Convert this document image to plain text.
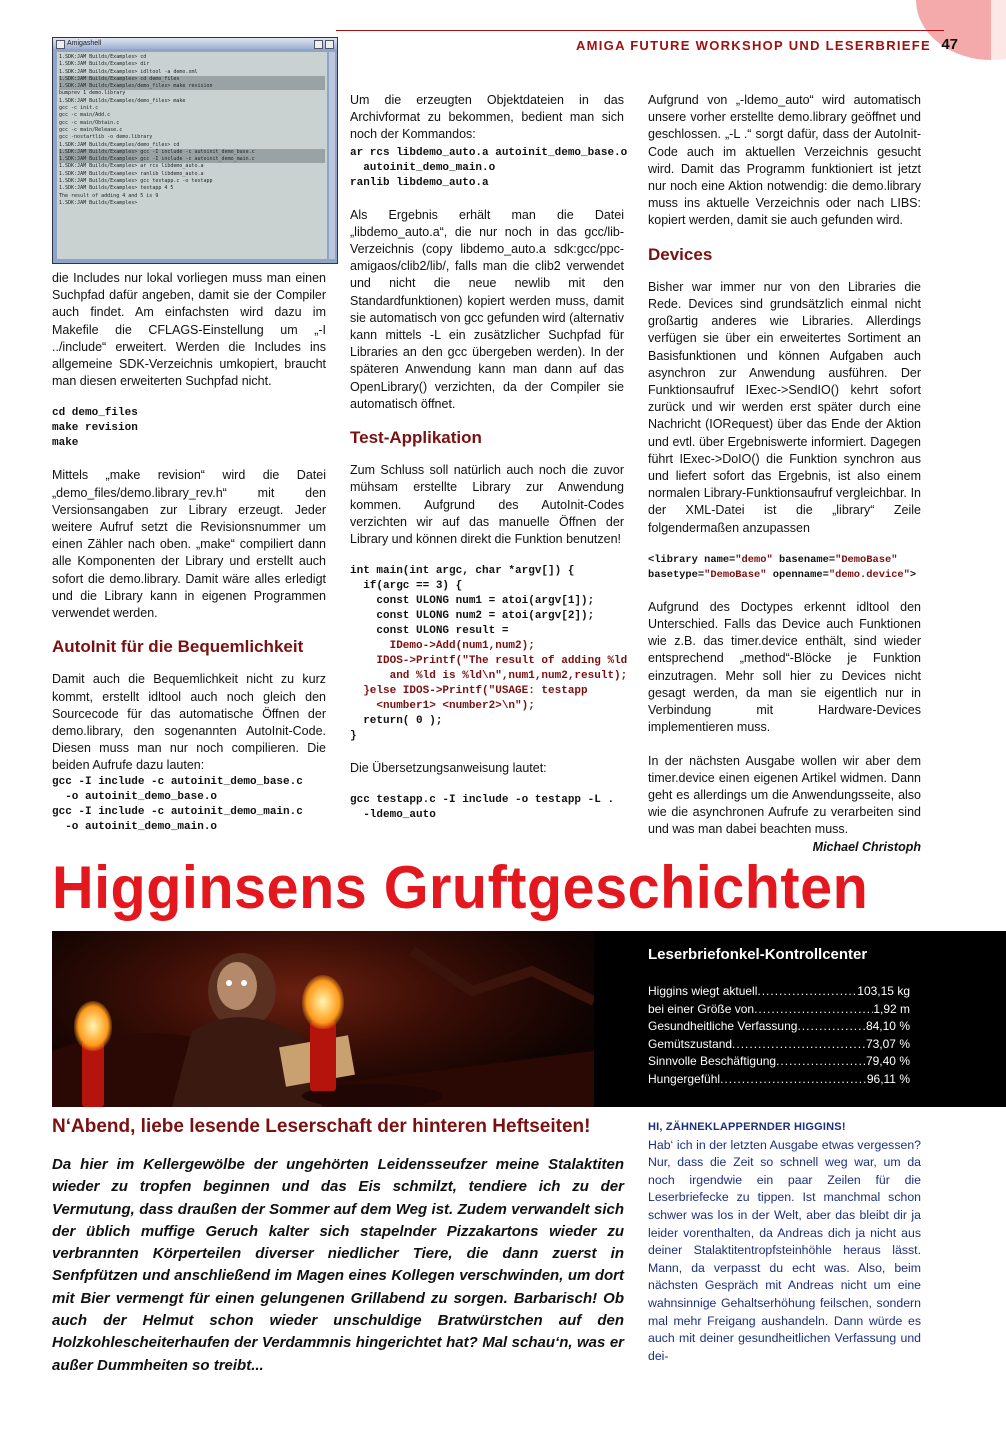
AMIGA FUTURE WORKSHOP UND LESERBRIEFE 47
Amigashell
1.SDK:JAM Builds/Examples> cd
1.SDK:JAM Builds/Examples> dir
1.SDK:JAM Builds/Examples> idltool -a demo.xml
1.SDK:JAM Builds/Examples> cd demo_files
1.SDK:JAM Builds/Examples/demo_files> make revision
bumprev 1 demo.library
1.SDK:JAM Builds/Examples/demo_files> make
gcc -c init.c
gcc -c main/Add.c
gcc -c main/Obtain.c
gcc -c main/Release.c
gcc -nostartlib -o demo.library
1.SDK:JAM Builds/Examples/demo_files> cd
1.SDK:JAM Builds/Examples> gcc -I include -c autoinit_demo_base.c
1.SDK:JAM Builds/Examples> gcc -I include -c autoinit_demo_main.c
1.SDK:JAM Builds/Examples> ar rcs libdemo_auto.a
1.SDK:JAM Builds/Examples> ranlib libdemo_auto.a
1.SDK:JAM Builds/Examples> gcc testapp.c -o testapp
1.SDK:JAM Builds/Examples> testapp 4 5
The result of adding 4 and 5 is 9
1.SDK:JAM Builds/Examples>

die Includes nur lokal vorliegen muss man einen Suchpfad dafür angeben, damit sie der Compiler auch findet. Am einfachsten wird dazu im Makefile die CFLAGS-Einstellung um „-I ../include“ erweitert. Werden die Includes ins allgemeine SDK-Verzeichnis umkopiert, braucht man diesen erweiterten Suchpfad nicht.

cd demo_files
make revision
make

Mittels „make revision“ wird die Datei „demo_files/demo.library_rev.h“ mit den Versionsangaben zur Library erzeugt. Jeder weitere Aufruf setzt die Revisionsnummer um einen Zähler nach oben. „make“ compiliert dann alle Komponenten der Library und erstellt auch sofort die demo.library. Damit wäre alles erledigt und die Library kann in eigenen Programmen verwendet werden.

AutoInit für die Bequemlichkeit

Damit auch die Bequemlichkeit nicht zu kurz kommt, erstellt idltool auch noch gleich den Sourcecode für das automatische Öffnen der demo.library, den sogenannten AutoInit-Code. Diesen muss man nur noch compilieren. Die beiden Aufrufe dazu lauten:

gcc -I include -c autoinit_demo_base.c
-o autoinit_demo_base.o
gcc -I include -c autoinit_demo_main.c
-o autoinit_demo_main.o

Um die erzeugten Objektdateien in das Archivformat zu bekommen, bedient man sich noch der Kommandos:

ar rcs libdemo_auto.a autoinit_demo_base.o
autoinit_demo_main.o
ranlib libdemo_auto.a

Als Ergebnis erhält man die Datei „libdemo_auto.a“, die nur noch in das gcc/lib-Verzeichnis (copy libdemo_auto.a sdk:gcc/ppc-amigaos/clib2/lib/, falls man die clib2 verwendet und nicht die neue newlib mit den Standardfunktionen) kopiert werden muss, damit sie automatisch von gcc gefunden wird (alternativ kann mittels -L ein zusätzlicher Suchpfad für Libraries an den gcc übergeben werden). In der späteren Anwendung kann man dann auf das OpenLibrary() verzichten, da der Compiler sie automatisch öffnet.

Test-Applikation

Zum Schluss soll natürlich auch noch die zuvor mühsam erstellte Library zur Anwendung kommen. Aufgrund des AutoInit-Codes verzichten wir auf das manuelle Öffnen der Library und können direkt die Funktion benutzen!

int main(int argc, char *argv[]) {
if(argc == 3) {
const ULONG num1 = atoi(argv[1]);
const ULONG num2 = atoi(argv[2]);
const ULONG result =
IDemo->Add(num1,num2);
IDOS->Printf("The result of adding %ld
and %ld is %ld\n",num1,num2,result);
}else IDOS->Printf("USAGE: testapp
<number1> <number2>\n");
return( 0 );
}

Die Übersetzungsanweisung lautet:

gcc testapp.c -I include -o testapp -L .
-ldemo_auto

Aufgrund von „-ldemo_auto“ wird automatisch unsere vorher erstellte demo.library geöffnet und geschlossen. „-L .“ sorgt dafür, dass der AutoInit-Code auch im aktuellen Verzeichnis gesucht wird. Damit das Programm funktioniert ist jetzt nur noch eine Aktion notwendig: die demo.library muss ins aktuelle Verzeichnis oder nach LIBS: kopiert werden, damit sie auch gefunden wird.

Devices

Bisher war immer nur von den Libraries die Rede. Devices sind grundsätzlich einmal nicht großartig anderes wie Libraries. Allerdings verfügen sie über ein erweitertes Sortiment an Basisfunktionen und können Aufgaben auch asynchron zur Anwendung ausführen. Der Funktionsaufruf IExec->SendIO() kehrt sofort zurück und wir werden erst später durch eine Nachricht (IORequest) über das Ende der Aktion und evtl. über Ergebniswerte informiert. Dagegen führt IExec->DoIO() die Funktion synchron aus und liefert sofort das Ergebnis, ist also einem normalen Library-Funktionsaufruf vergleichbar. In der XML-Datei ist die „library“ Zeile folgendermaßen anzupassen

<library name="demo" basename="DemoBase"
basetype="DemoBase" openname="demo.device">

Aufgrund des Doctypes erkennt idltool den Unterschied. Falls das Device auch Funktionen wie z.B. das timer.device enthält, sind wieder entsprechend „method“-Blöcke je Funktion einzutragen. Mehr soll hier zu Devices nicht gesagt werden, da man sie eigentlich nur in Verbindung mit Hardware-Devices implementieren muss.

In der nächsten Ausgabe wollen wir aber dem timer.device einen eigenen Artikel widmen. Dann geht es allerdings um die Anwendungsseite, also wie die asynchronen Aufrufe zu verarbeiten sind und was man dabei beachten muss.

Michael Christoph
Higginsens Gruftgeschichten
Leserbriefonkel-Kontrollcenter
Higgins wiegt aktuell .....	103,15 kg
bei einer Größe von .....	1,92 m
Gesundheitliche Verfassung .....	84,10 %
Gemütszustand .....	73,07 %
Sinnvolle Beschäftigung .....	79,40 %
Hungergefühl .....	96,11 %
N‘Abend, liebe lesende Leserschaft der hinteren Heftseiten!
Da hier im Kellergewölbe der ungehörten Leidensseufzer meine Stalaktiten wieder zu tropfen beginnen und das Eis schmilzt, tendiere ich zu der Vermutung, dass draußen der Sommer auf dem Weg ist. Zudem verwandelt sich der üblich muffige Geruch kalter sich stapelnder Pizzakartons wieder zu verbrannten Körperteilen diverser niedlicher Tiere, die dann zuerst in Senfpfützen und anschließend im Magen eines Kollegen verschwinden, um dort mit Bier vermengt für einen gelungenen Grillabend zu sorgen. Barbarisch! Ob auch der Helmut schon wieder unschuldige Bratwürstchen auf den Holzkohlescheiterhaufen der Verdammnis hingerichtet hat? Mal schau‘n, was er außer Dummheiten so treibt...
HI, ZÄHNEKLAPPERNDER HIGGINS!
Hab‘ ich in der letzten Ausgabe etwas vergessen? Nur, dass die Zeit so schnell weg war, um da noch irgendwie ein paar Zeilen für die Leserbriefecke zu tippen. Ist manchmal schon schwer was los in der Welt, aber das bleibt dir ja leider vorenthalten, da Andreas dich ja nicht aus deiner Stalaktitentropfsteinhöhle heraus lässt. Mann, da verpasst du echt was. Also, beim nächsten Gespräch mit Andreas nicht um eine wahnsinnige Gehaltserhöhung feilschen, sondern mal mehr Freigang aushandeln. Dann würde es auch mit deiner gesundheitlichen Verfassung und dei-
